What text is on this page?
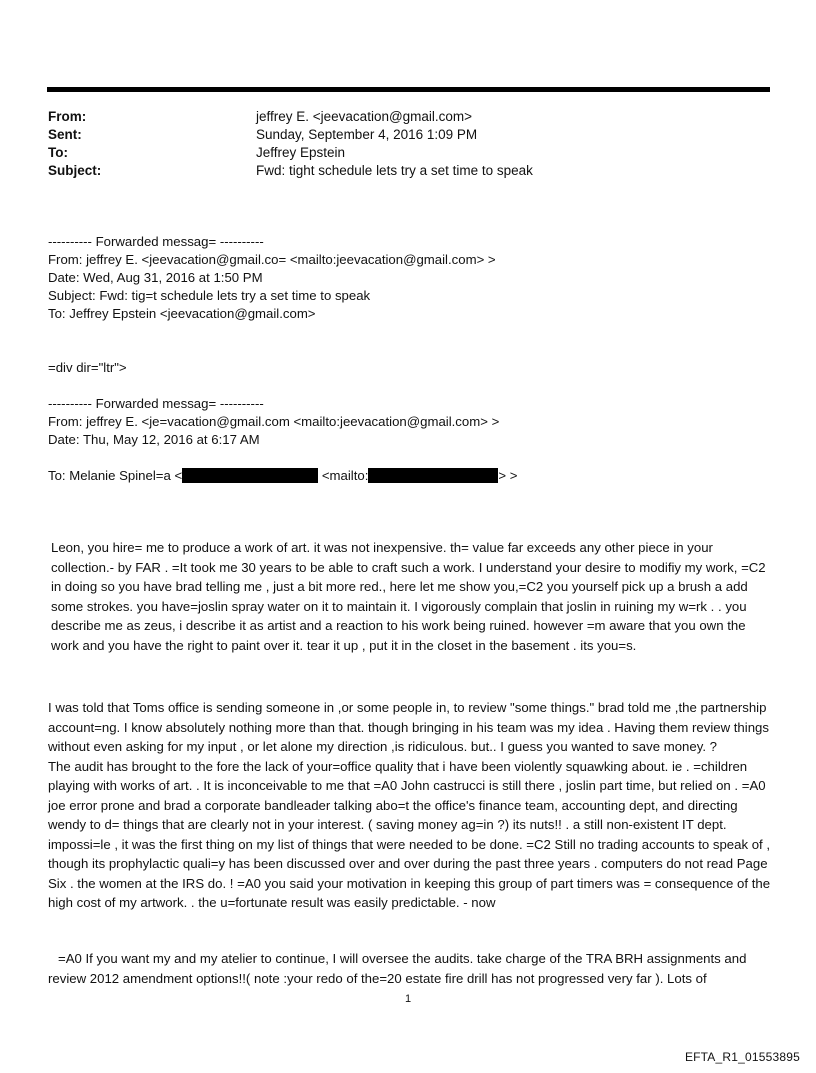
From:	jeffrey E. <jeevacation@gmail.com>
Sent:	Sunday, September 4, 2016 1:09 PM
To:	Jeffrey Epstein
Subject:	Fwd: tight schedule lets try a set time to speak
---------- Forwarded messag= ----------
From: jeffrey E. <jeevacation@gmail.co= <mailto:jeevacation@gmail.com> >
Date: Wed, Aug 31, 2016 at 1:50 PM
Subject: Fwd: tig=t schedule lets try a set time to speak
To: Jeffrey Epstein <jeevacation@gmail.com>
=div dir="ltr">
---------- Forwarded messag= ----------
From: jeffrey E. <je=vacation@gmail.com <mailto:jeevacation@gmail.com> >
Date: Thu, May 12, 2016 at 6:17 AM
To: Melanie Spinel=a <	<mailto:	> >

Leon, you hire= me to produce a work of art. it was not inexpensive. th= value far exceeds any other piece in your collection.- by FAR . =It took me 30 years to be able to craft such a work. I understand your desire to modifiy my work, =C2 in doing so you have brad telling me , just a bit more red., here let me show you,=C2 you yourself pick up a brush a add some strokes. you have=joslin spray water on it to maintain it. I vigorously complain that joslin in ruining my w=rk . . you describe me as zeus, i describe it as artist and a reaction to his work being ruined. however =m aware that you own the work and you have the right to paint over it. tear it up , put it in the closet in the basement . its you=s.

I was told that Toms office is sending someone in ,or some people in, to review "some things." brad told me ,the partnership account=ng. I know absolutely nothing more than that. though bringing in his team was my idea . Having them review things without even asking for my input , or let alone my direction ,is ridiculous. but.. I guess you wanted to save money. ?

The audit has brought to the fore the lack of your=office quality that i have been violently squawking about. ie . =children playing with works of art. . It is inconceivable to me that =A0 John castrucci is still there , joslin part time, but relied on . =A0 joe error prone and brad a corporate bandleader talking abo=t the office's finance team, accounting dept, and directing wendy to d= things that are clearly not in your interest. ( saving money ag=in ?) its nuts!! . a still non-existent IT dept. impossi=le , it was the first thing on my list of things that were needed to be done. =C2 Still no trading accounts to speak of , though its prophylactic quali=y has been discussed over and over during the past three years . computers do not read Page Six . the women at the IRS do. ! =A0 you said your motivation in keeping this group of part timers was = consequence of the high cost of my artwork. . the u=fortunate result was easily predictable. - now

=A0 If you want my and my atelier to continue, I will oversee the audits. take charge of the TRA BRH assignments and review 2012 amendment options!!( note :your redo of the=20 estate fire drill has not progressed very far ). Lots of

1
EFTA_R1_01553895
